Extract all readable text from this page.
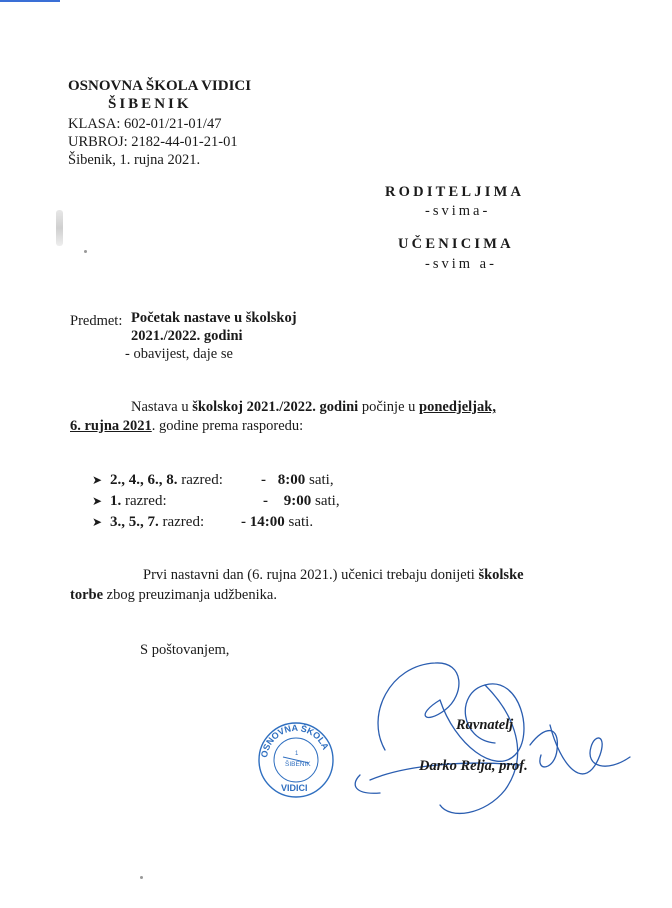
OSNOVNA ŠKOLA VIDICI
ŠIBENIK
KLASA: 602-01/21-01/47
URBROJ: 2182-44-01-21-01
Šibenik, 1. rujna 2021.
RODITELJIMA
-svima-
UČENICIMA
-svim a-
Predmet: Početak nastave u školskoj
2021./2022. godini
- obavijest, daje se
Nastava u školskoj 2021./2022. godini počinje u ponedjeljak,
6. rujna 2021. godine prema rasporedu:
➤ 2., 4., 6., 8. razred:	- 8:00 sati,
➤ 1. razred:	- 9:00 sati,
➤ 3., 5., 7. razred: - 14:00 sati.
Prvi nastavni dan (6. rujna 2021.) učenici trebaju donijeti školske
torbe zbog preuzimanja udžbenika.
S poštovanjem,
Ravnatelj
Darko Relja, prof.
OSNOVNA ŠKOLA
1
ŠIBENIK
VIDICI
